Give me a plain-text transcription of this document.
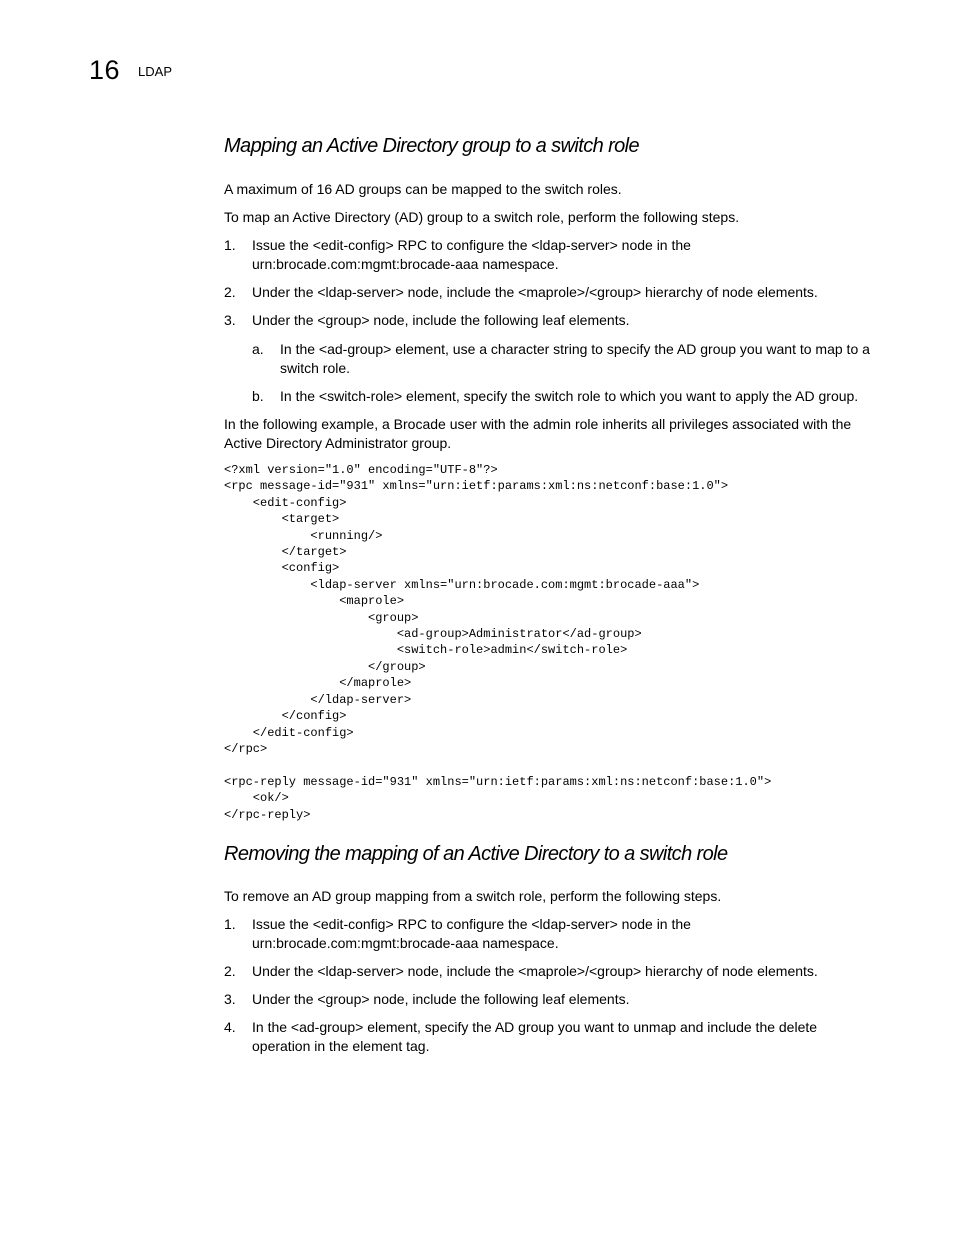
16 LDAP
Mapping an Active Directory group to a switch role

A maximum of 16 AD groups can be mapped to the switch roles.

To map an Active Directory (AD) group to a switch role, perform the following steps.

1. Issue the <edit-config> RPC to configure the <ldap-server> node in the urn:brocade.com:mgmt:brocade-aaa namespace.
2. Under the <ldap-server> node, include the <maprole>/<group> hierarchy of node elements.
3. Under the <group> node, include the following leaf elements.
a. In the <ad-group> element, use a character string to specify the AD group you want to map to a switch role.
b. In the <switch-role> element, specify the switch role to which you want to apply the AD group.

In the following example, a Brocade user with the admin role inherits all privileges associated with the Active Directory Administrator group.

<?xml version="1.0" encoding="UTF-8"?>
<rpc message-id="931" xmlns="urn:ietf:params:xml:ns:netconf:base:1.0">
<edit-config>
<target>
<running/>
</target>
<config>
<ldap-server xmlns="urn:brocade.com:mgmt:brocade-aaa">
<maprole>
<group>
<ad-group>Administrator</ad-group>
<switch-role>admin</switch-role>
</group>
</maprole>
</ldap-server>
</config>
</edit-config>
</rpc>

<rpc-reply message-id="931" xmlns="urn:ietf:params:xml:ns:netconf:base:1.0">
<ok/>
</rpc-reply>
Removing the mapping of an Active Directory to a switch role

To remove an AD group mapping from a switch role, perform the following steps.

1. Issue the <edit-config> RPC to configure the <ldap-server> node in the urn:brocade.com:mgmt:brocade-aaa namespace.
2. Under the <ldap-server> node, include the <maprole>/<group> hierarchy of node elements.
3. Under the <group> node, include the following leaf elements.
4. In the <ad-group> element, specify the AD group you want to unmap and include the delete operation in the element tag.
